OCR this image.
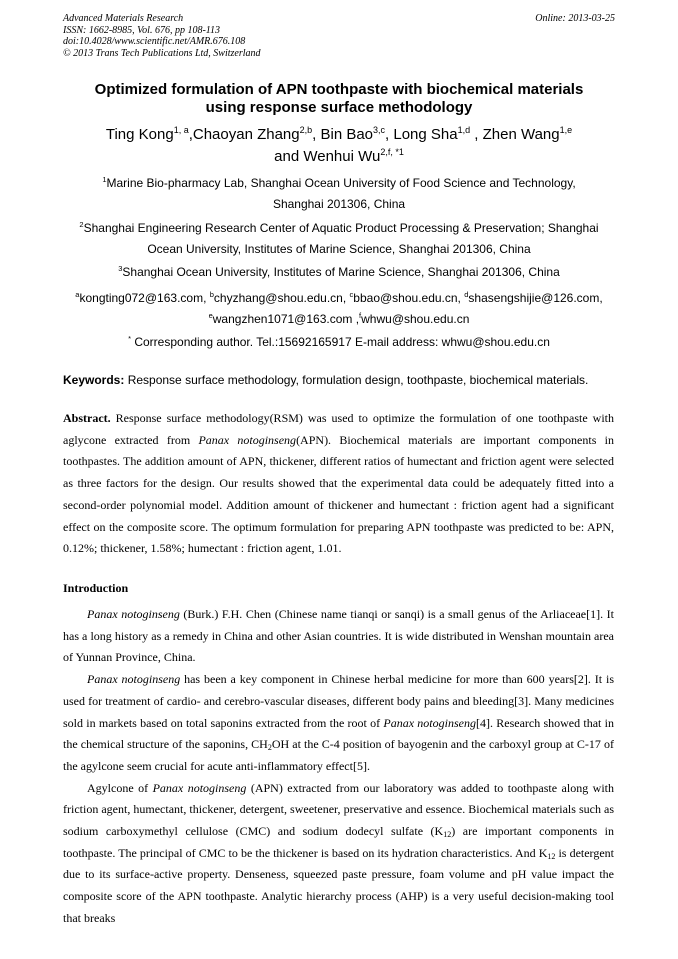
Advanced Materials Research
ISSN: 1662-8985, Vol. 676, pp 108-113
doi:10.4028/www.scientific.net/AMR.676.108
© 2013 Trans Tech Publications Ltd, Switzerland
Online: 2013-03-25
Optimized formulation of APN toothpaste with biochemical materials
using response surface methodology
Ting Kong$^{1, a}$,Chaoyan Zhang$^{2,b}$, Bin Bao$^{3,c}$, Long Sha$^{1,d}$ , Zhen Wang$^{1,e}$
and Wenhui $Wu^{2,f, *1}$
$^1$Marine Bio-pharmacy Lab, Shanghai Ocean University of Food Science and Technology,
Shanghai 201306, China
$^2$Shanghai Engineering Research Center of Aquatic Product Processing & Preservation; Shanghai
Ocean University, Institutes of Marine Science, Shanghai 201306, China
$^3$Shanghai Ocean University, Institutes of Marine Science, Shanghai 201306, China
$^a$kongting072@163.com, $^b$chyzhang@shou.edu.cn, $^c$bbao@shou.edu.cn, $^d$shasengshijie@126.com,
$^e$wangzhen1071@163.com ,$^f$whwu@shou.edu.cn
* Corresponding author. Tel.:15692165917 E-mail address: whwu@shou.edu.cn
Keywords: Response surface methodology, formulation design, toothpaste, biochemical materials.

Abstract. Response surface methodology(RSM) was used to optimize the formulation of one toothpaste with aglycone extracted from Panax notoginseng(APN). Biochemical materials are important components in toothpastes. The addition amount of APN, thickener, different ratios of humectant and friction agent were selected as three factors for the design. Our results showed that the experimental data could be adequately fitted into a second-order polynomial model. Addition amount of thickener and humectant : friction agent had a significant effect on the composite score. The optimum formulation for preparing APN toothpaste was predicted to be: APN, 0.12%; thickener, 1.58%; humectant : friction agent, 1.01.

Introduction

Panax notoginseng (Burk.) F.H. Chen (Chinese name tianqi or sanqi) is a small genus of the Arliaceae[1]. It has a long history as a remedy in China and other Asian countries. It is wide distributed in Wenshan mountain area of Yunnan Province, China.

Panax notoginseng has been a key component in Chinese herbal medicine for more than 600 years[2]. It is used for treatment of cardio- and cerebro-vascular diseases, different body pains and bleeding[3]. Many medicines sold in markets based on total saponins extracted from the root of Panax notoginseng[4]. Research showed that in the chemical structure of the saponins, $CH_2OH$ at the C-4 position of bayogenin and the carboxyl group at C-17 of the agylcone seem crucial for acute anti-inflammatory effect[5].

Agylcone of Panax notoginseng (APN) extracted from our laboratory was added to toothpaste along with friction agent, humectant, thickener, detergent, sweetener, preservative and essence. Biochemical materials such as sodium carboxymethyl cellulose (CMC) and sodium dodecyl sulfate $(K_{12})$ are important components in toothpaste. The principal of CMC to be the thickener is based on its hydration characteristics. And $K_{12}$ is detergent due to its surface-active property. Denseness, squeezed paste pressure, foam volume and pH value impact the composite score of the APN toothpaste. Analytic hierarchy process (AHP) is a very useful decision-making tool that breaks
